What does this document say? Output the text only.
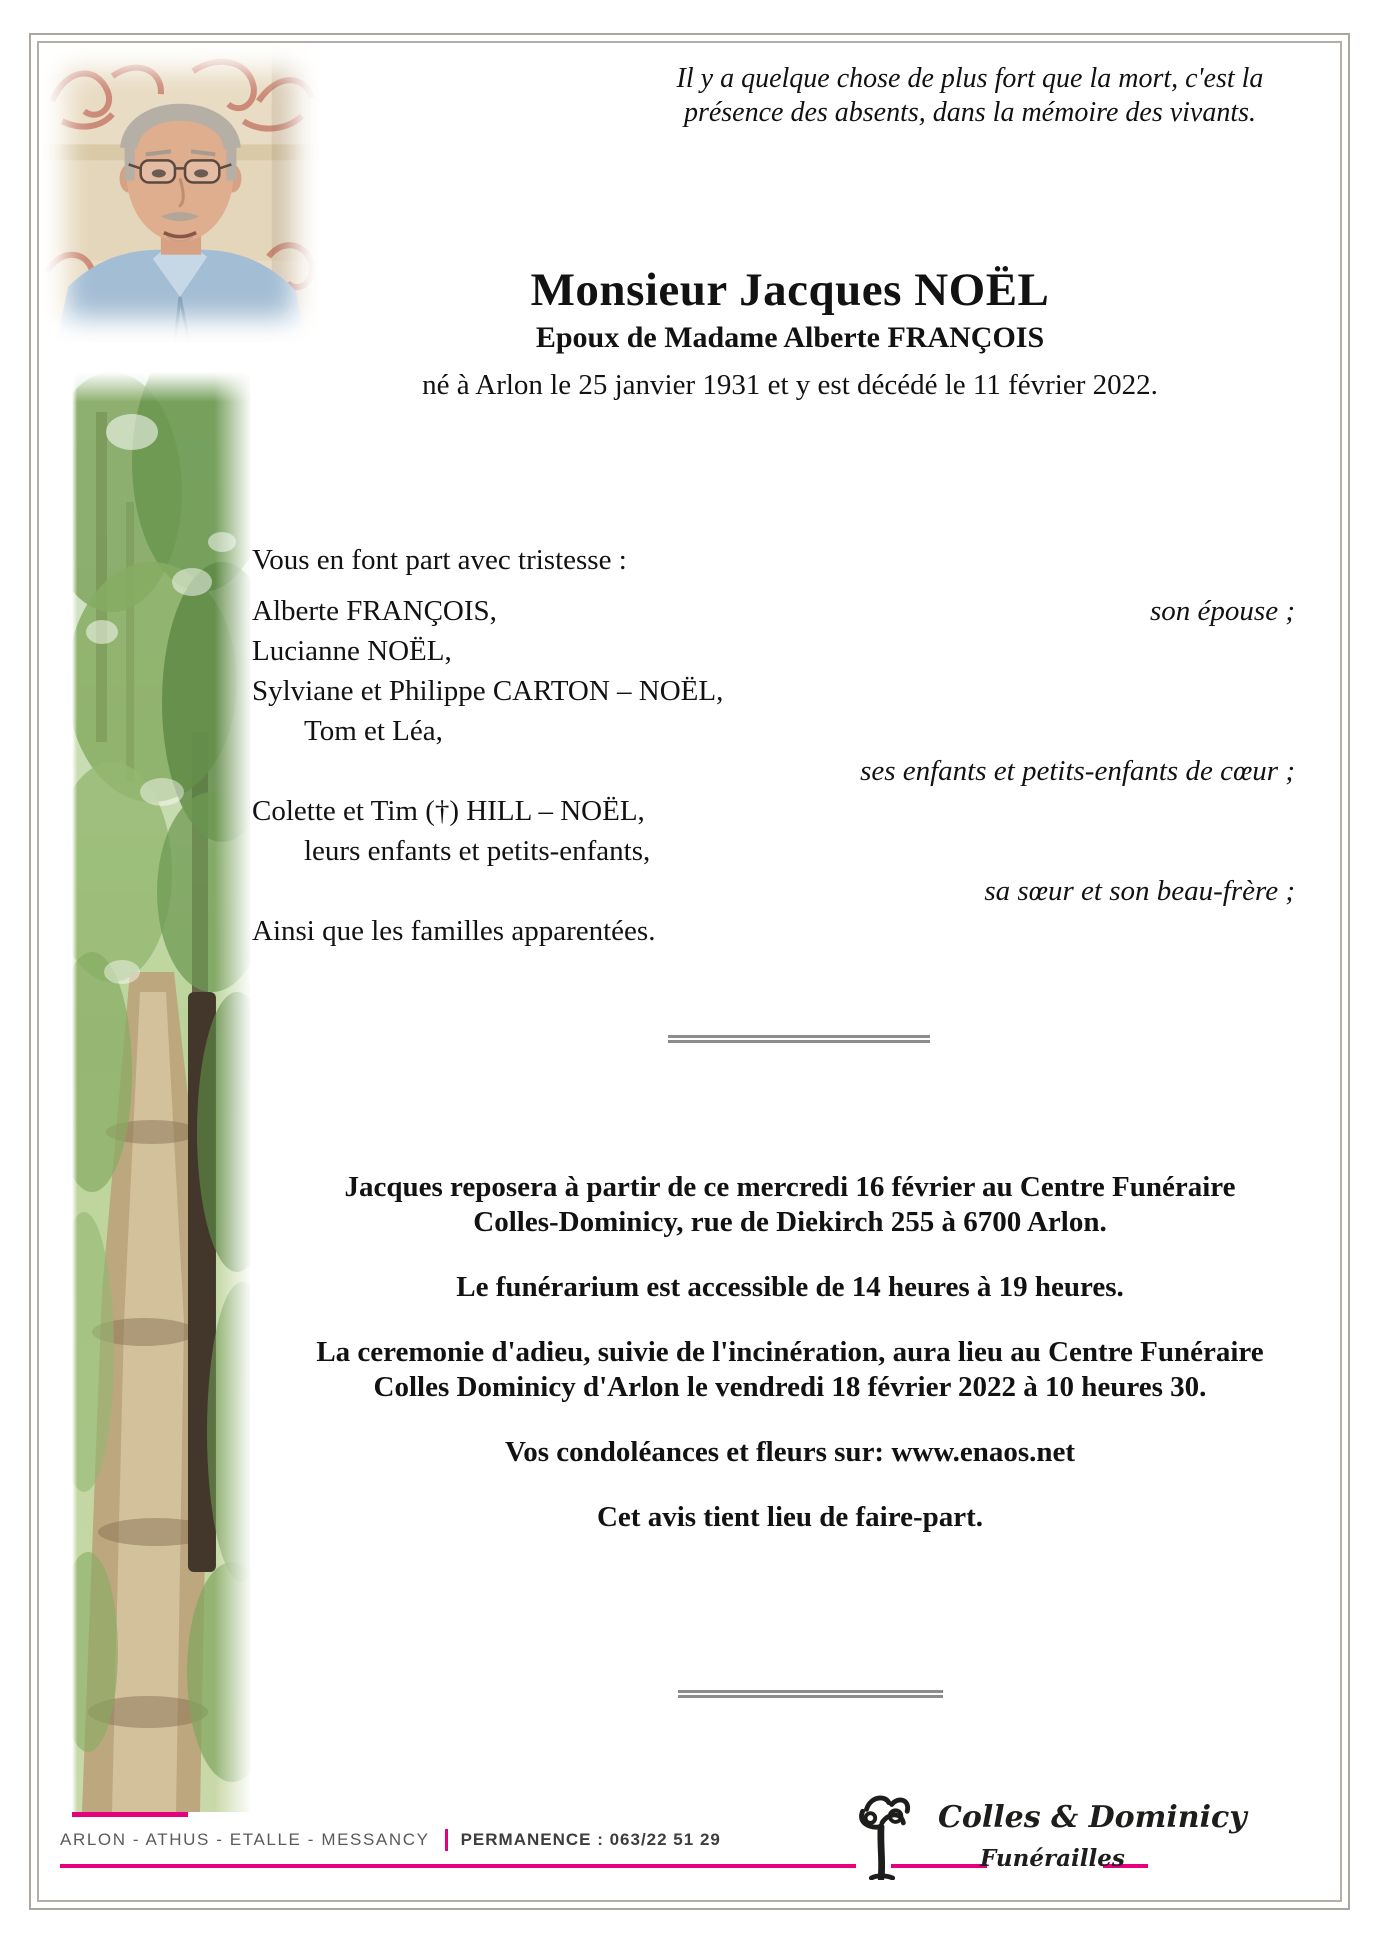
Il y a quelque chose de plus fort que la mort, c'est la
présence des absents, dans la mémoire des vivants.
Monsieur Jacques NOËL
Epoux de Madame Alberte FRANÇOIS
né à Arlon le 25 janvier 1931 et y est décédé le 11 février 2022.
Vous en font part avec tristesse :
Alberte FRANÇOIS,	son épouse ;
Lucianne NOËL,
Sylviane et Philippe CARTON – NOËL,
Tom et Léa,
ses enfants et petits-enfants de cœur ;
Colette et Tim (†) HILL – NOËL,
leurs enfants et petits-enfants,
sa sœur et son beau-frère ;
Ainsi que les familles apparentées.
Jacques reposera à partir de ce mercredi 16 février au Centre Funéraire
Colles-Dominicy, rue de Diekirch 255 à 6700 Arlon.
Le funérarium est accessible de 14 heures à 19 heures.
La ceremonie d'adieu, suivie de l'incinération, aura lieu au Centre Funéraire
Colles Dominicy d'Arlon le vendredi 18 février 2022 à 10 heures 30.
Vos condoléances et fleurs sur: www.enaos.net
Cet avis tient lieu de faire-part.
ARLON - ATHUS - ETALLE - MESSANCY PERMANENCE : 063/22 51 29
Colles & Dominicy
Funérailles
